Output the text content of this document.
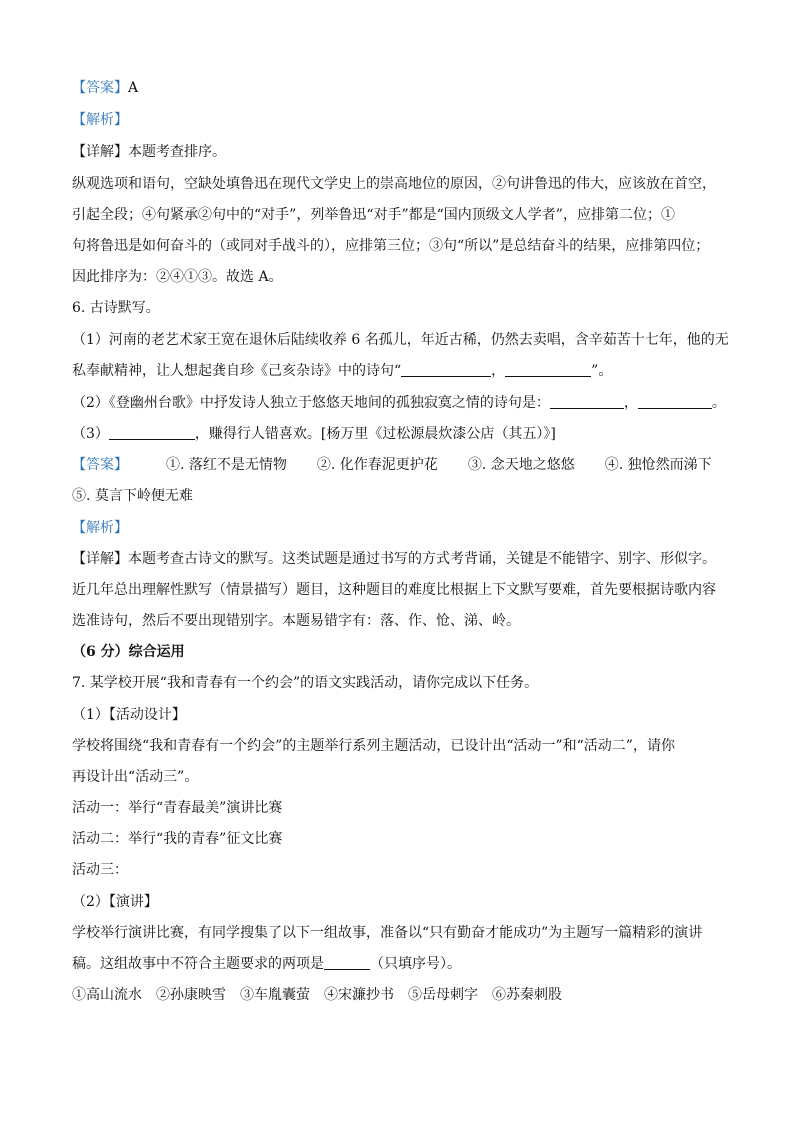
【答案】A
【解析】
【详解】本题考查排序。
纵观选项和语句，空缺处填鲁迅在现代文学史上的崇高地位的原因，②句讲鲁迅的伟大，应该放在首空，
引起全段；④句紧承②句中的“对手”，列举鲁迅“对手”都是“国内顶级文人学者”，应排第二位；①
句将鲁迅是如何奋斗的（或同对手战斗的），应排第三位；③句“所以”是总结奋斗的结果，应排第四位；
因此排序为：②④①③。故选 A。
6. 古诗默写。
（1）河南的老艺术家王宽在退休后陆续收养 6 名孤儿，年近古稀，仍然去卖唱，含辛茹苦十七年，他的无
私奉献精神，让人想起龚自珍《己亥杂诗》中的诗句“	，	”。
（2）《登幽州台歌》中抒发诗人独立于悠悠天地间的孤独寂寞之情的诗句是：	，	。
（3）	，赚得行人错喜欢。[杨万里《过松源晨炊漆公店（其五）》]
【答案】	①. 落红不是无情物 ②. 化作春泥更护花 ③. 念天地之悠悠 ④. 独怆然而涕下
⑤. 莫言下岭便无难
【解析】
【详解】本题考查古诗文的默写。这类试题是通过书写的方式考背诵，关键是不能错字、别字、形似字。
近几年总出理解性默写（情景描写）题目，这种题目的难度比根据上下文默写要难，首先要根据诗歌内容
选准诗句，然后不要出现错别字。本题易错字有：落、作、怆、涕、岭。
（6 分）综合运用
7. 某学校开展“我和青春有一个约会”的语文实践活动，请你完成以下任务。
（1）【活动设计】
学校将围绕“我和青春有一个约会”的主题举行系列主题活动，已设计出“活动一”和“活动二”，请你
再设计出“活动三”。
活动一：举行“青春最美”演讲比赛
活动二：举行“我的青春”征文比赛
活动三：
（2）【演讲】
学校举行演讲比赛，有同学搜集了以下一组故事，准备以“只有勤奋才能成功”为主题写一篇精彩的演讲
稿。这组故事中不符合主题要求的两项是	（只填序号）。
①高山流水 ②孙康映雪 ③车胤囊萤 ④宋濂抄书 ⑤岳母刺字 ⑥苏秦刺股
